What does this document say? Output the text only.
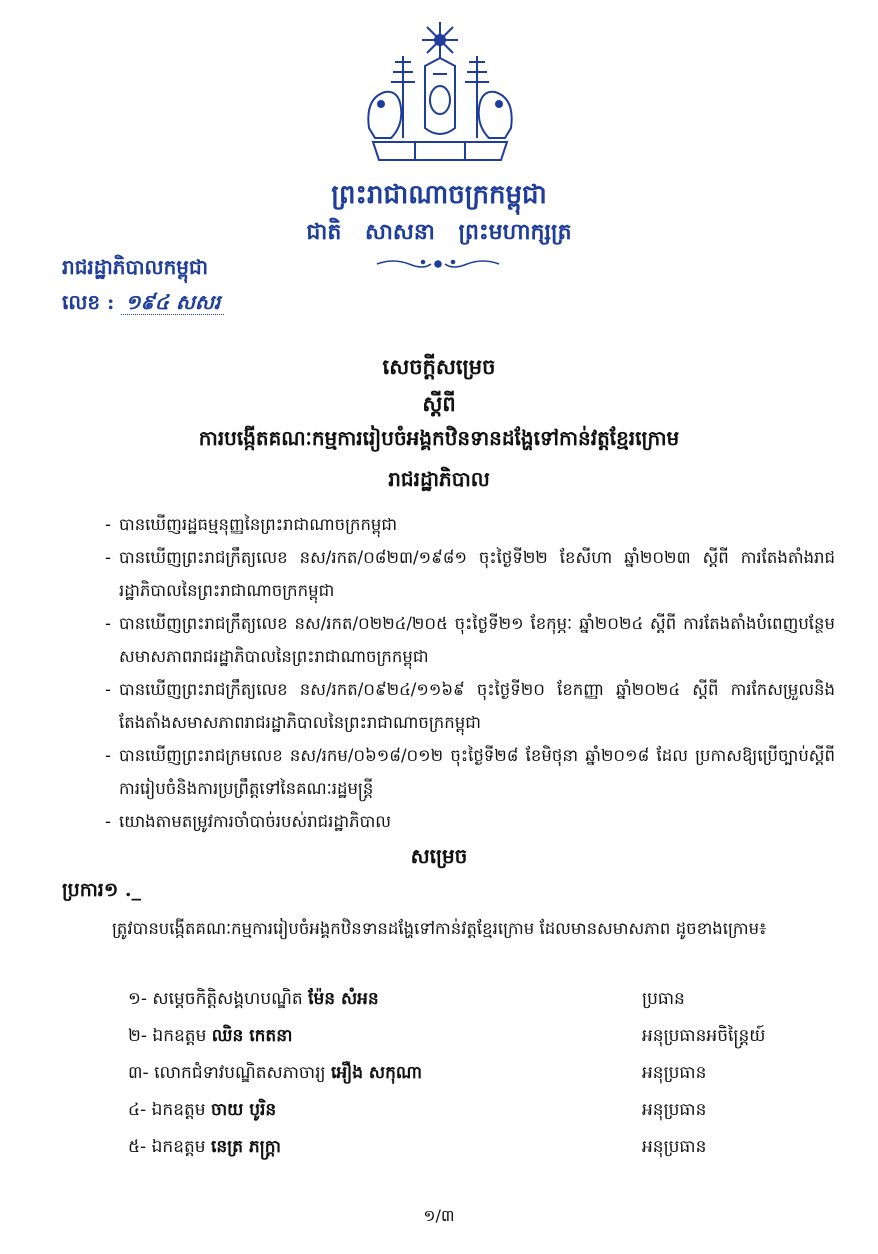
ព្រះរាជាណាចក្រកម្ពុជា
ជាតិ សាសនា ព្រះមហាក្សត្រ
រាជរដ្ឋាភិបាលកម្ពុជា
លេខ : ១៩៤ សសរ
សេចក្តីសម្រេច
ស្តីពី
ការបង្កើតគណៈកម្មការរៀបចំអង្គកឋិនទានដង្ហែទៅកាន់វត្តខ្មែរក្រោម
រាជរដ្ឋាភិបាល
- បានឃើញរដ្ឋធម្មនុញ្ញនៃព្រះរាជាណាចក្រកម្ពុជា
- បានឃើញព្រះរាជក្រឹត្យលេខ នស/រកត/០៨២៣/១៩៨១ ចុះថ្ងៃទី២២ ខែសីហា ឆ្នាំ២០២៣ ស្តីពី ការតែងតាំងរាជរដ្ឋាភិបាលនៃព្រះរាជាណាចក្រកម្ពុជា
- បានឃើញព្រះរាជក្រឹត្យលេខ នស/រកត/០២២៤/២០៥ ចុះថ្ងៃទី២១ ខែកុម្ភៈ ឆ្នាំ២០២៤ ស្តីពី ការតែងតាំងបំពេញបន្ថែមសមាសភាពរាជរដ្ឋាភិបាលនៃព្រះរាជាណាចក្រកម្ពុជា
- បានឃើញព្រះរាជក្រឹត្យលេខ នស/រកត/០៩២៤/១១៦៩ ចុះថ្ងៃទី២០ ខែកញ្ញា ឆ្នាំ២០២៤ ស្តីពី ការកែសម្រួលនិងតែងតាំងសមាសភាពរាជរដ្ឋាភិបាលនៃព្រះរាជាណាចក្រកម្ពុជា
- បានឃើញព្រះរាជក្រមលេខ នស/រកម/០៦១៨/០១២ ចុះថ្ងៃទី២៨ ខែមិថុនា ឆ្នាំ២០១៨ ដែល ប្រកាសឱ្យប្រើច្បាប់ស្តីពីការរៀបចំនិងការប្រព្រឹត្តទៅនៃគណៈរដ្ឋមន្ត្រី
- យោងតាមតម្រូវការចាំបាច់របស់រាជរដ្ឋាភិបាល
សម្រេច
ប្រការ១ ._
ត្រូវបានបង្កើតគណៈកម្មការរៀបចំអង្គកឋិនទានដង្ហែទៅកាន់វត្តខ្មែរក្រោម ដែលមានសមាសភាព ដូចខាងក្រោម៖
១- សម្តេចកិត្តិសង្គហបណ្ឌិត ម៉ែន សំអន	ប្រធាន
២- ឯកឧត្តម ឈិន កេតនា	អនុប្រធានអចិន្ត្រៃយ៍
៣- លោកជំទាវបណ្ឌិតសភាចារ្យ អឿង សកុណា	អនុប្រធាន
៤- ឯកឧត្តម ចាយ បូរិន	អនុប្រធាន
៥- ឯកឧត្តម នេត្រ ភក្ត្រា	អនុប្រធាន
១/៣
